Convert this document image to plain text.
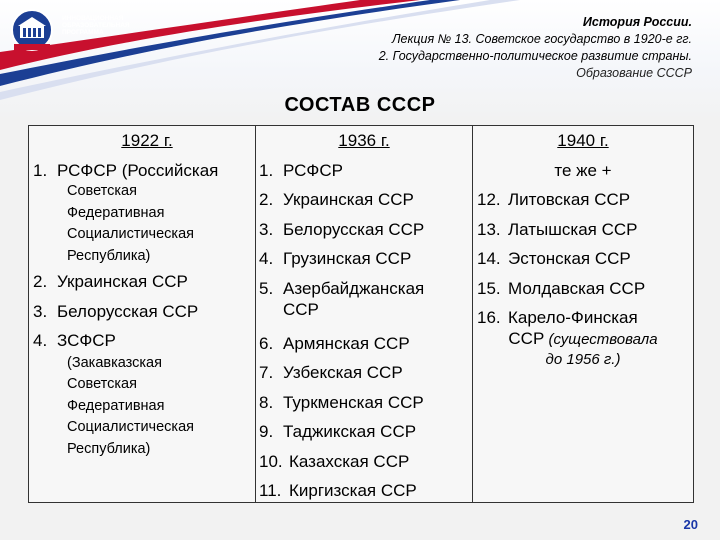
ИННОВАЦИОННАЯ
ОБРАЗОВАТЕЛЬНАЯ
ПРОГРАММА
История России.
Лекция № 13. Советское государство в 1920-е гг.
2. Государственно-политическое развитие страны.
Образование СССР
СОСТАВ СССР
1922 г.
1. РСФСР (Российская
Советская
Федеративная
Социалистическая
Республика)
2. Украинская ССР
3. Белорусская ССР
4. ЗСФСР
(Закавказская
Советская
Федеративная
Социалистическая
Республика)
1936 г.
1. РСФСР
2. Украинская ССР
3. Белорусская ССР
4. Грузинская ССР
5. Азербайджанская
ССР
6. Армянская ССР
7. Узбекская ССР
8. Туркменская ССР
9. Таджикская ССР
10. Казахская ССР
11. Киргизская ССР
1940 г.
те же +
12. Литовская ССР
13. Латышская ССР
14. Эстонская ССР
15. Молдавская ССР
16. Карело-Финская
ССР (существовала
до 1956 г.)
20
